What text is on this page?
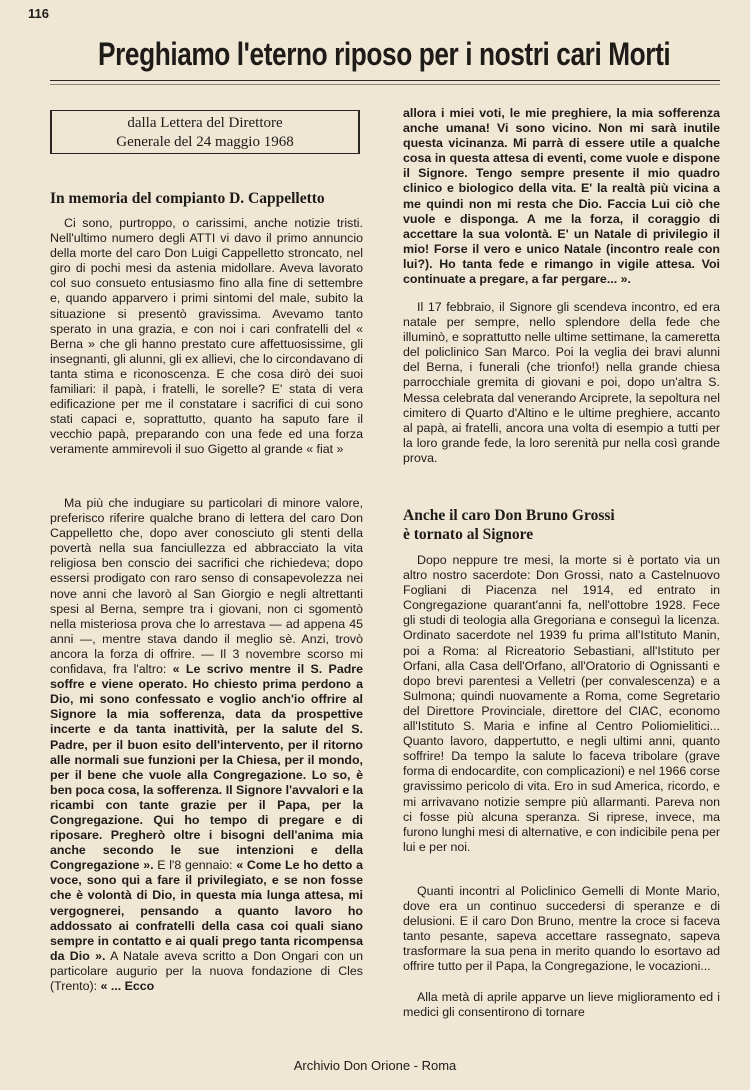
116
Preghiamo l'eterno riposo per i nostri cari Morti
dalla Lettera del Direttore
Generale del 24 maggio 1968
In memoria del compianto D. Cappelletto

Ci sono, purtroppo, o carissimi, anche notizie tristi. Nell'ultimo numero degli ATTI vi davo il primo annuncio della morte del caro Don Luigi Cappelletto stroncato, nel giro di pochi mesi da astenia midollare. Aveva lavorato col suo consueto entusiasmo fino alla fine di settembre e, quando apparvero i primi sintomi del male, subito la situazione si presentò gravissima. Avevamo tanto sperato in una grazia, e con noi i cari confratelli del « Berna » che gli hanno prestato cure affettuosissime, gli insegnanti, gli alunni, gli ex allievi, che lo circondavano di tanta stima e riconoscenza. E che cosa dirò dei suoi familiari: il papà, i fratelli, le sorelle? E' stata di vera edificazione per me il constatare i sacrifici di cui sono stati capaci e, soprattutto, quanto ha saputo fare il vecchio papà, preparando con una fede ed una forza veramente ammirevoli il suo Gigetto al grande « fiat »

Ma più che indugiare su particolari di minore valore, preferisco riferire qualche brano di lettera del caro Don Cappelletto che, dopo aver conosciuto gli stenti della povertà nella sua fanciullezza ed abbracciato la vita religiosa ben conscio dei sacrifici che richiedeva; dopo essersi prodigato con raro senso di consapevolezza nei nove anni che lavorò al San Giorgio e negli altrettanti spesi al Berna, sempre tra i giovani, non ci sgomentò nella misteriosa prova che lo arrestava — ad appena 45 anni —, mentre stava dando il meglio sè. Anzi, trovò ancora la forza di offrire. — Il 3 novembre scorso mi confidava, fra l'altro: « Le scrivo mentre il S. Padre soffre e viene operato. Ho chiesto prima perdono a Dio, mi sono confessato e voglio anch'io offrire al Signore la mia sofferenza, data da prospettive incerte e da tanta inattività, per la salute del S. Padre, per il buon esito dell'intervento, per il ritorno alle normali sue funzioni per la Chiesa, per il mondo, per il bene che vuole alla Congregazione. Lo so, è ben poca cosa, la sofferenza. Il Signore l'avvalori e la ricambi con tante grazie per il Papa, per la Congregazione. Qui ho tempo di pregare e di riposare. Pregherò oltre i bisogni dell'anima mia anche secondo le sue intenzioni e della Congregazione ». E l'8 gennaio: « Come Le ho detto a voce, sono qui a fare il privilegiato, e se non fosse che è volontà di Dio, in questa mia lunga attesa, mi vergognerei, pensando a quanto lavoro ho addossato ai confratelli della casa coi quali siano sempre in contatto e ai quali prego tanta ricompensa da Dio ». A Natale aveva scritto a Don Ongari con un particolare augurio per la nuova fondazione di Cles (Trento): « ... Ecco

allora i miei voti, le mie preghiere, la mia sofferenza anche umana! Vi sono vicino. Non mi sarà inutile questa vicinanza. Mi parrà di essere utile a qualche cosa in questa attesa di eventi, come vuole e dispone il Signore. Tengo sempre presente il mio quadro clinico e biologico della vita. E' la realtà più vicina a me quindi non mi resta che Dio. Faccia Lui ciò che vuole e disponga. A me la forza, il coraggio di accettare la sua volontà. E' un Natale di privilegio il mio! Forse il vero e unico Natale (incontro reale con lui?). Ho tanta fede e rimango in vigile attesa. Voi continuate a pregare, a far pergare... ».

Il 17 febbraio, il Signore gli scendeva incontro, ed era natale per sempre, nello splendore della fede che illuminò, e soprattutto nelle ultime settimane, la cameretta del policlinico San Marco. Poi la veglia dei bravi alunni del Berna, i funerali (che trionfo!) nella grande chiesa parrocchiale gremita di giovani e poi, dopo un'altra S. Messa celebrata dal venerando Arciprete, la sepoltura nel cimitero di Quarto d'Altino e le ultime preghiere, accanto al papà, ai fratelli, ancora una volta di esempio a tutti per la loro grande fede, la loro serenità pur nella così grande prova.

Anche il caro Don Bruno Grossi
è tornato al Signore

Dopo neppure tre mesi, la morte si è portato via un altro nostro sacerdote: Don Grossi, nato a Castelnuovo Fogliani di Piacenza nel 1914, ed entrato in Congregazione quarant'anni fa, nell'ottobre 1928. Fece gli studi di teologia alla Gregoriana e conseguì la licenza. Ordinato sacerdote nel 1939 fu prima all'Istituto Manin, poi a Roma: al Ricreatorio Sebastiani, all'Istituto per Orfani, alla Casa dell'Orfano, all'Oratorio di Ognissanti e dopo brevi parentesi a Velletri (per convalescenza) e a Sulmona; quindi nuovamente a Roma, come Segretario del Direttore Provinciale, direttore del CIAC, economo all'Istituto S. Maria e infine al Centro Poliomielitici... Quanto lavoro, dappertutto, e negli ultimi anni, quanto soffrire! Da tempo la salute lo faceva tribolare (grave forma di endocardite, con complicazioni) e nel 1966 corse gravissimo pericolo di vita. Ero in sud America, ricordo, e mi arrivavano notizie sempre più allarmanti. Pareva non ci fosse più alcuna speranza. Si riprese, invece, ma furono lunghi mesi di alternative, e con indicibile pena per lui e per noi.

Quanti incontri al Policlinico Gemelli di Monte Mario, dove era un continuo succedersi di speranze e di delusioni. E il caro Don Bruno, mentre la croce si faceva tanto pesante, sapeva accettare rassegnato, sapeva trasformare la sua pena in merito quando lo esortavo ad offrire tutto per il Papa, la Congregazione, le vocazioni...

Alla metà di aprile apparve un lieve miglioramento ed i medici gli consentirono di tornare

Archivio Don Orione - Roma
